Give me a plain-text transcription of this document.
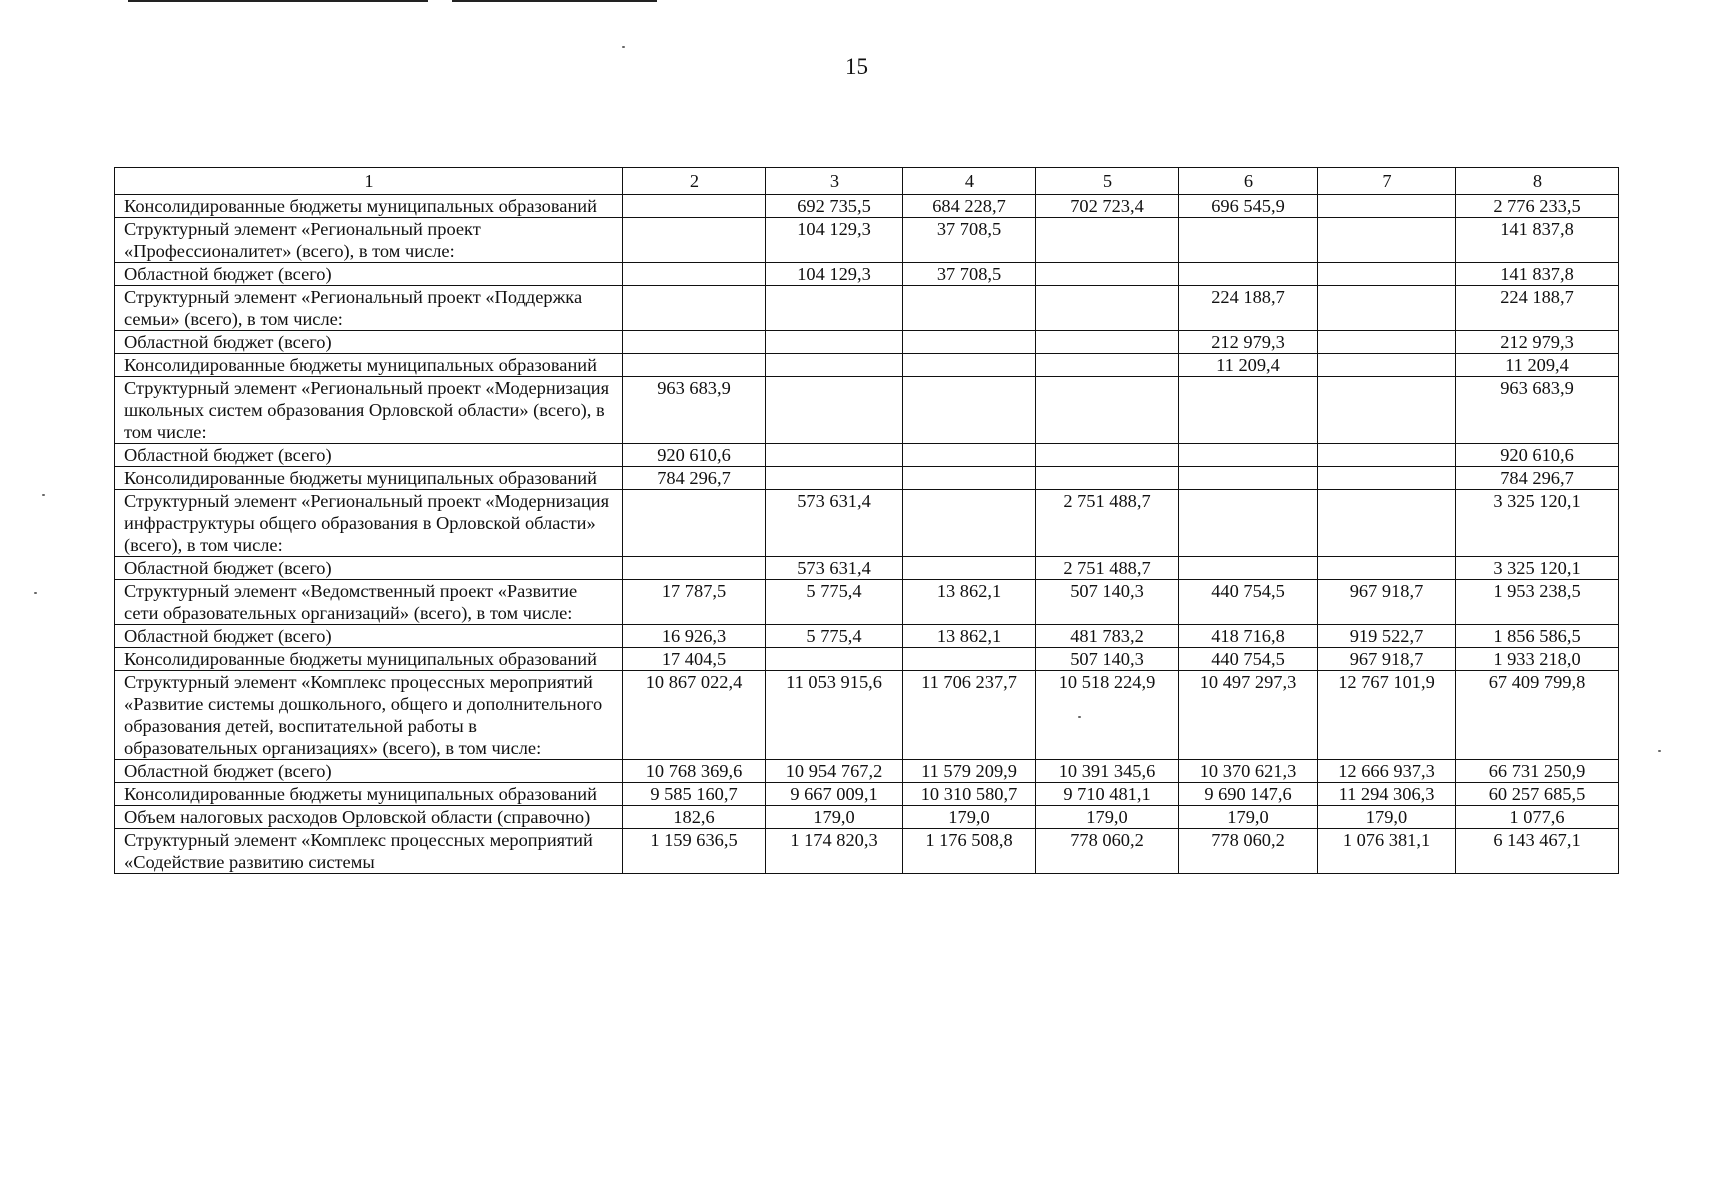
15
1	2	3	4	5	6	7	8
Консолидированные бюджеты муниципальных образований		692 735,5	684 228,7	702 723,4	696 545,9		2 776 233,5
Структурный элемент «Региональный проект «Профессионалитет» (всего), в том числе:		104 129,3	37 708,5				141 837,8
Областной бюджет (всего)		104 129,3	37 708,5				141 837,8
Структурный элемент «Региональный проект «Поддержка семьи» (всего), в том числе:					224 188,7		224 188,7
Областной бюджет (всего)					212 979,3		212 979,3
Консолидированные бюджеты муниципальных образований					11 209,4		11 209,4
Структурный элемент «Региональный проект «Модернизация школьных систем образования Орловской области» (всего), в том числе:	963 683,9						963 683,9
Областной бюджет (всего)	920 610,6						920 610,6
Консолидированные бюджеты муниципальных образований	784 296,7						784 296,7
Структурный элемент «Региональный проект «Модернизация инфраструктуры общего образования в Орловской области» (всего), в том числе:		573 631,4		2 751 488,7			3 325 120,1
Областной бюджет (всего)		573 631,4		2 751 488,7			3 325 120,1
Структурный элемент «Ведомственный проект «Развитие сети образовательных организаций» (всего), в том числе:	17 787,5	5 775,4	13 862,1	507 140,3	440 754,5	967 918,7	1 953 238,5
Областной бюджет (всего)	16 926,3	5 775,4	13 862,1	481 783,2	418 716,8	919 522,7	1 856 586,5
Консолидированные бюджеты муниципальных образований	17 404,5			507 140,3	440 754,5	967 918,7	1 933 218,0
Структурный элемент «Комплекс процессных мероприятий «Развитие системы дошкольного, общего и дополнительного образования детей, воспитательной работы в образовательных организациях» (всего), в том числе:	10 867 022,4	11 053 915,6	11 706 237,7	10 518 224,9	10 497 297,3	12 767 101,9	67 409 799,8
Областной бюджет (всего)	10 768 369,6	10 954 767,2	11 579 209,9	10 391 345,6	10 370 621,3	12 666 937,3	66 731 250,9
Консолидированные бюджеты муниципальных образований	9 585 160,7	9 667 009,1	10 310 580,7	9 710 481,1	9 690 147,6	11 294 306,3	60 257 685,5
Объем налоговых расходов Орловской области (справочно)	182,6	179,0	179,0	179,0	179,0	179,0	1 077,6
Структурный элемент «Комплекс процессных мероприятий «Содействие развитию системы	1 159 636,5	1 174 820,3	1 176 508,8	778 060,2	778 060,2	1 076 381,1	6 143 467,1
